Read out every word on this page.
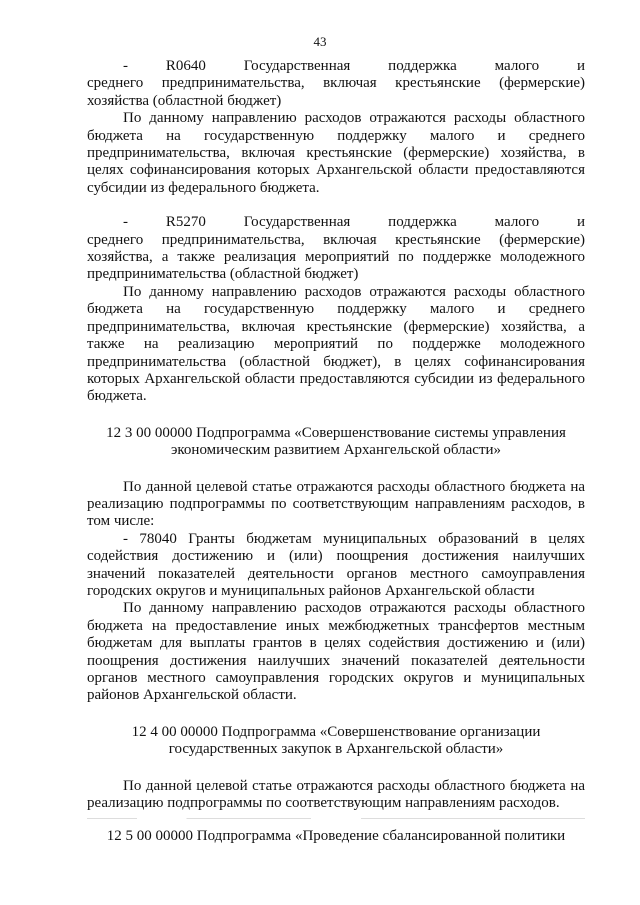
43

-      R0640      Государственная      поддержка      малого      и      среднего предпринимательства, включая крестьянские (фермерские) хозяйства (областной бюджет)

По данному направлению расходов отражаются расходы областного бюджета на государственную поддержку малого и среднего предпринимательства, включая крестьянские (фермерские) хозяйства, в целях софинансирования которых Архангельской области предоставляются субсидии из федерального бюджета.

-      R5270      Государственная      поддержка      малого      и      среднего предпринимательства, включая крестьянские (фермерские) хозяйства, а также реализация мероприятий по поддержке молодежного предпринимательства (областной бюджет)

По данному направлению расходов отражаются расходы областного бюджета на государственную поддержку малого и среднего предпринимательства, включая крестьянские (фермерские) хозяйства, а также на реализацию мероприятий по поддержке молодежного предпринимательства (областной бюджет), в целях софинансирования которых Архангельской области предоставляются субсидии из федерального бюджета.

12 3 00 00000 Подпрограмма «Совершенствование системы управления
экономическим развитием Архангельской области»

По данной целевой статье отражаются расходы областного бюджета на реализацию подпрограммы по соответствующим направлениям расходов, в том числе:

- 78040 Гранты бюджетам муниципальных образований в целях содействия достижению и (или) поощрения достижения наилучших значений показателей деятельности органов местного самоуправления городских округов и муниципальных районов Архангельской области

По данному направлению расходов отражаются расходы областного бюджета на предоставление иных межбюджетных трансфертов местным бюджетам для выплаты грантов в целях содействия достижению и (или) поощрения достижения наилучших значений показателей деятельности органов местного самоуправления городских округов и муниципальных районов Архангельской области.

12 4 00 00000 Подпрограмма «Совершенствование организации
государственных закупок в Архангельской области»

По данной целевой статье отражаются расходы областного бюджета на реализацию подпрограммы по соответствующим направлениям расходов.

12 5 00 00000 Подпрограмма «Проведение сбалансированной политики
